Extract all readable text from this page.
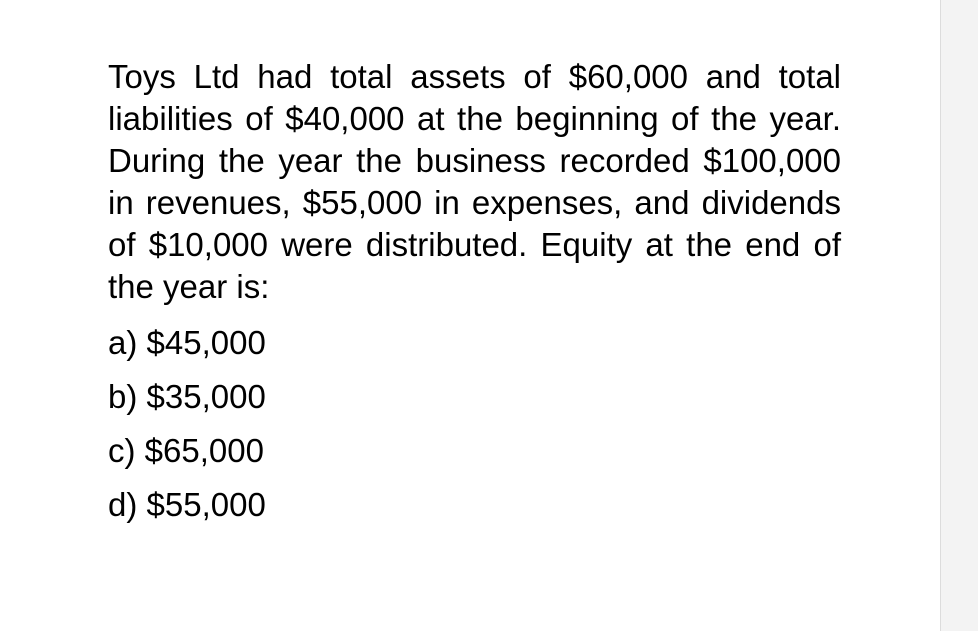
Toys Ltd had total assets of $60,000 and total liabilities of $40,000 at the beginning of the year. During the year the business recorded $100,000 in revenues, $55,000 in expenses, and dividends of $10,000 were distributed. Equity at the end of the year is:

a) $45,000
b) $35,000
c) $65,000
d) $55,000
